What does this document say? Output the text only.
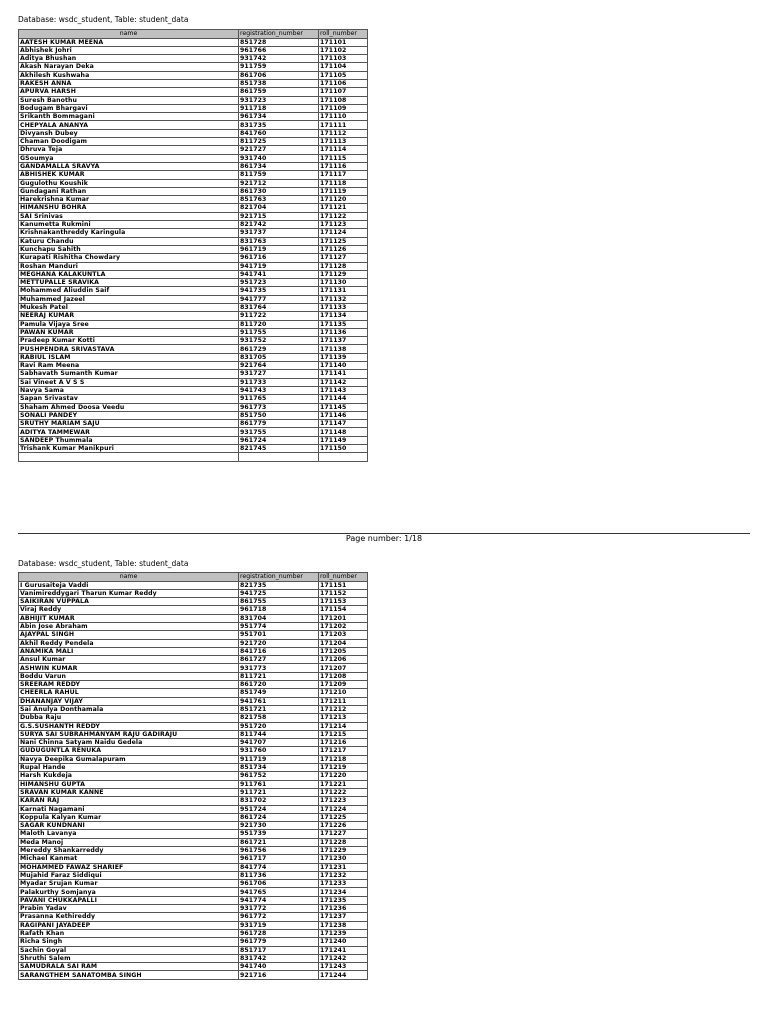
Database: wsdc_student, Table: student_data
name	registration_number	roll_number
AATESH KUMAR MEENA	851728	171101
Abhishek Johri	961766	171102
Aditya Bhushan	931742	171103
Akash Narayan Deka	911759	171104
Akhilesh Kushwaha	861706	171105
RAKESH ANNA	851738	171106
APURVA HARSH	861759	171107
Suresh Banothu	931723	171108
Bodugam Bhargavi	911718	171109
Srikanth Bommagani	961734	171110
CHEPYALA ANANYA	831735	171111
Divyansh Dubey	841760	171112
Chaman Doodigam	811725	171113
Dhruva Teja	921727	171114
GSoumya	931740	171115
GANDAMALLA SRAVYA	861734	171116
ABHISHEK KUMAR	811759	171117
Gugulothu Koushik	921712	171118
Gundagani Rathan	861730	171119
Harekrishna Kumar	851763	171120
HIMANSHU BOHRA	821704	171121
SAI Srinivas	921715	171122
Kanumetta Rukmini	821742	171123
Krishnakanthreddy Karingula	931737	171124
Katuru Chandu	831763	171125
Kunchapu Sahith	961719	171126
Kurapati Rishitha Chowdary	961716	171127
Roshan Manduri	941719	171128
MEGHANA KALAKUNTLA	941741	171129
METTUPALLE SRAVIKA	951723	171130
Mohammed Aliuddin Saif	941735	171131
Muhammed Jazeel	941777	171132
Mukesh Patel	831764	171133
NEERAJ KUMAR	911722	171134
Pamula Vijaya Sree	811720	171135
PAWAN KUMAR	911755	171136
Pradeep Kumar Kotti	931752	171137
PUSHPENDRA SRIVASTAVA	861729	171138
RABIUL ISLAM	831705	171139
Ravi Ram Meena	921764	171140
Sabhavath Sumanth Kumar	931727	171141
Sai Vineet A V S S	911733	171142
Navya Sama	941743	171143
Sapan Srivastav	911765	171144
Shaham Ahmed Doosa Veedu	961773	171145
SONALI PANDEY	851750	171146
SRUTHY MARIAM SAJU	861779	171147
ADITYA TAMMEWAR	931755	171148
SANDEEP Thummala	961724	171149
Trishank Kumar Manikpuri	821745	171150

Page number: 1/18
Database: wsdc_student, Table: student_data
name	registration_number	roll_number
I Gurusaiteja Vaddi	821735	171151
Vanimireddygari Tharun Kumar Reddy	941725	171152
SAIKIRAN VUPPALA	861755	171153
Viraj Reddy	961718	171154
ABHIJIT KUMAR	831704	171201
Abin Jose Abraham	951774	171202
AJAYPAL SINGH	951701	171203
Akhil Reddy Pendela	921720	171204
ANAMIKA MALI	841716	171205
Ansul Kumar	861727	171206
ASHWIN KUMAR	931773	171207
Boddu Varun	811721	171208
SREERAM REDDY	861720	171209
CHEERLA RAHUL	851749	171210
DHANANJAY VIJAY	941761	171211
Sai Anulya Donthamala	851721	171212
Dubba Raju	821758	171213
G.S.SUSHANTH REDDY	951720	171214
SURYA SAI SUBRAHMANYAM RAJU GADIRAJU	811744	171215
Nani Chinna Satyam Naidu Gedela	941707	171216
GUDUGUNTLA RENUKA	931760	171217
Navya Deepika Gumalapuram	911719	171218
Rupal Hande	851734	171219
Harsh Kukdeja	961752	171220
HIMANSHU GUPTA	911761	171221
SRAVAN KUMAR KANNE	911721	171222
KARAN RAJ	831702	171223
Karnati Nagamani	951724	171224
Koppula Kalyan Kumar	861724	171225
SAGAR KUNDNANI	921730	171226
Maloth Lavanya	951739	171227
Meda Manoj	861721	171228
Mereddy Shankarreddy	961756	171229
Michael Kanmat	961717	171230
MOHAMMED FAWAZ SHARIEF	841774	171231
Mujahid Faraz Siddiqui	811736	171232
Myadar Srujan Kumar	961706	171233
Palakurthy Somjanya	941765	171234
PAVANI CHUKKAPALLI	941774	171235
Prabin Yadav	931772	171236
Prasanna Kethireddy	961772	171237
RAGIPANI JAYADEEP	931719	171238
Rafath Khan	961728	171239
Richa Singh	961779	171240
Sachin Goyal	851717	171241
Shruthi Salem	831742	171242
SAMUDRALA SAI RAM	941740	171243
SARANGTHEM SANATOMBA SINGH	921716	171244
